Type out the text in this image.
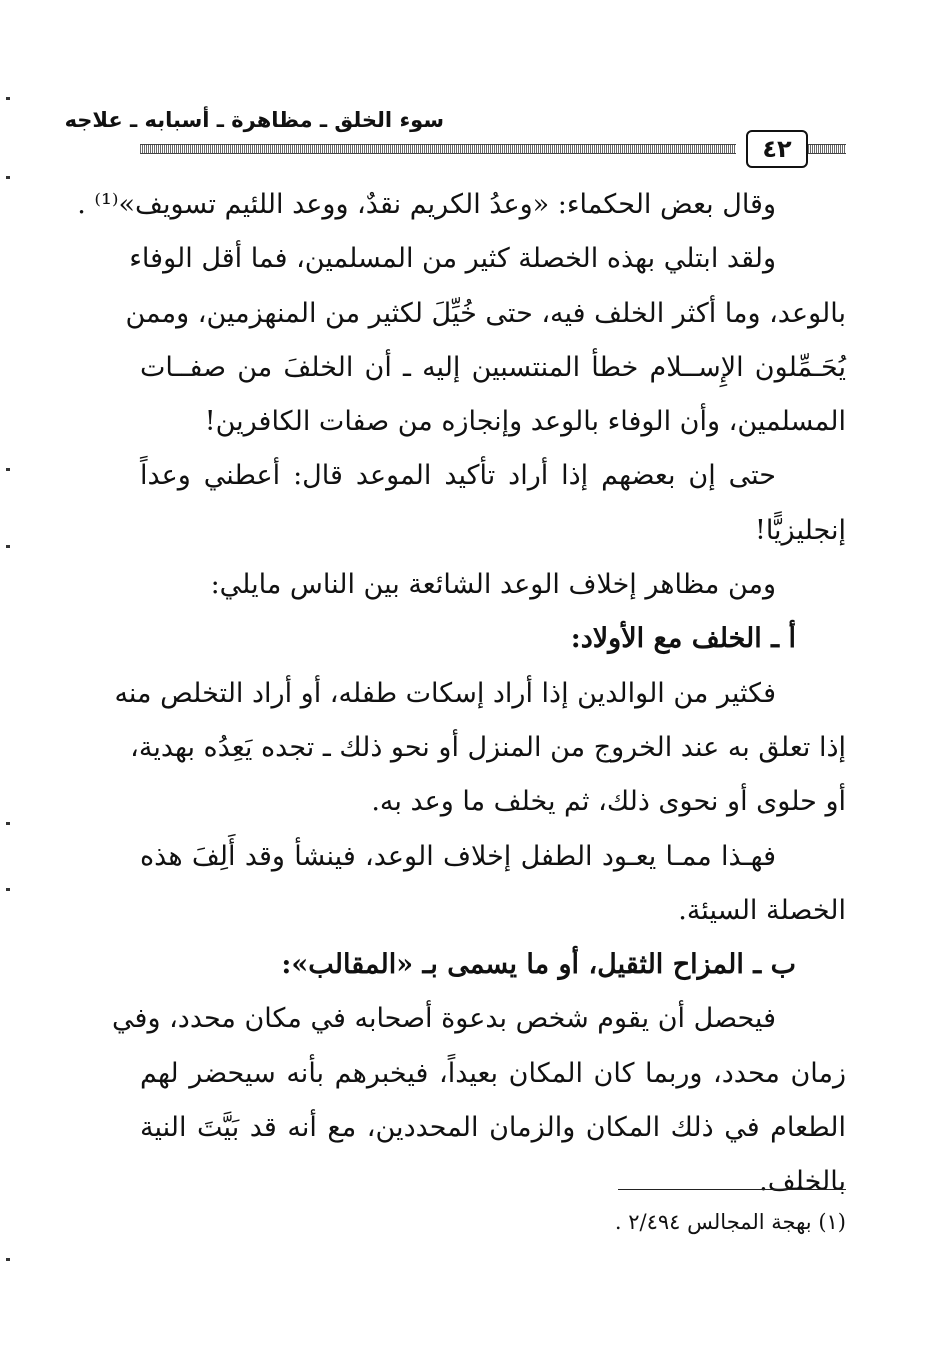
سوء الخلق ـ مظاهرة ـ أسبابه ـ علاجه
٤٢
وقال بعض الحكماء: «وعدُ الكريم نقدٌ، ووعد اللئيم تسويف»⁽¹⁾ .
ولقد ابتلي بهذه الخصلة كثير من المسلمين، فما أقل الوفاء
بالوعد، وما أكثر الخلف فيه، حتى خُيِّلَ لكثير من المنهزمين، وممن
يُحَـمِّلون الإِســلام خطأ المنتسبين إليه ـ أن الخلفَ من صفــات
المسلمين، وأن الوفاء بالوعد وإنجازه من صفات الكافرين!
حتى إن بعضهم إذا أراد تأكيد الموعد قال: أعطني وعداً
إنجليزيًّا!
ومن مظاهر إخلاف الوعد الشائعة بين الناس مايلي:
أ ـ الخلف مع الأولاد:
فكثير من الوالدين إذا أراد إسكات طفله، أو أراد التخلص منه
إذا تعلق به عند الخروج من المنزل أو نحو ذلك ـ تجده يَعِدُه بهدية،
أو حلوى أو نحوى ذلك، ثم يخلف ما وعد به.
فهـذا ممـا يعـود الطفل إخلاف الوعد، فينشأ وقد أَلِفَ هذه
الخصلة السيئة.
ب ـ المزاح الثقيل، أو ما يسمى بـ «المقالب»:
فيحصل أن يقوم شخص بدعوة أصحابه في مكان محدد، وفي
زمان محدد، وربما كان المكان بعيداً، فيخبرهم بأنه سيحضر لهم
الطعام في ذلك المكان والزمان المحددين، مع أنه قد بَيَّتَ النية
بالخلف.
(١) بهجة المجالس ٢/٤٩٤ .
